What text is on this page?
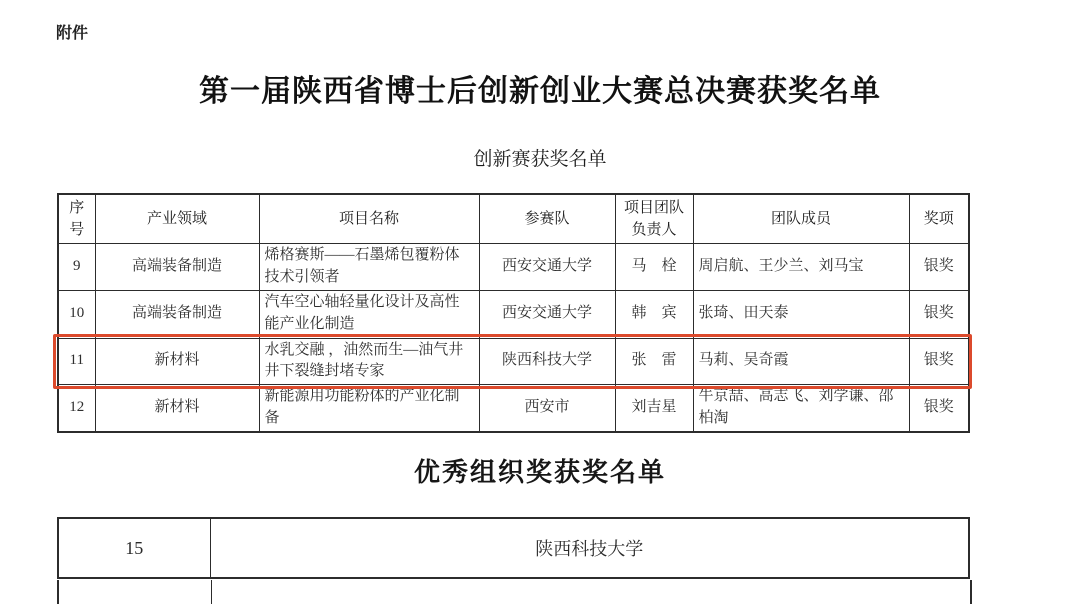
附件
第一届陕西省博士后创新创业大赛总决赛获奖名单
创新赛获奖名单
序号	产业领域	项目名称	参赛队	项目团队负责人	团队成员	奖项
9	高端装备制造	烯格赛斯——石墨烯包覆粉体技术引领者	西安交通大学	马　栓	周启航、王少兰、刘马宝	银奖
10	高端装备制造	汽车空心轴轻量化设计及高性能产业化制造	西安交通大学	韩　宾	张琦、田天泰	银奖
11	新材料	水乳交融 ，油然而生—油气井井下裂缝封堵专家	陕西科技大学	张　雷	马莉、吴奇霞	银奖
12	新材料	新能源用功能粉体的产业化制备	西安市	刘吉星	牛京喆、高志飞、刘学谦、邵柏淘	银奖
优秀组织奖获奖名单
15	陕西科技大学
